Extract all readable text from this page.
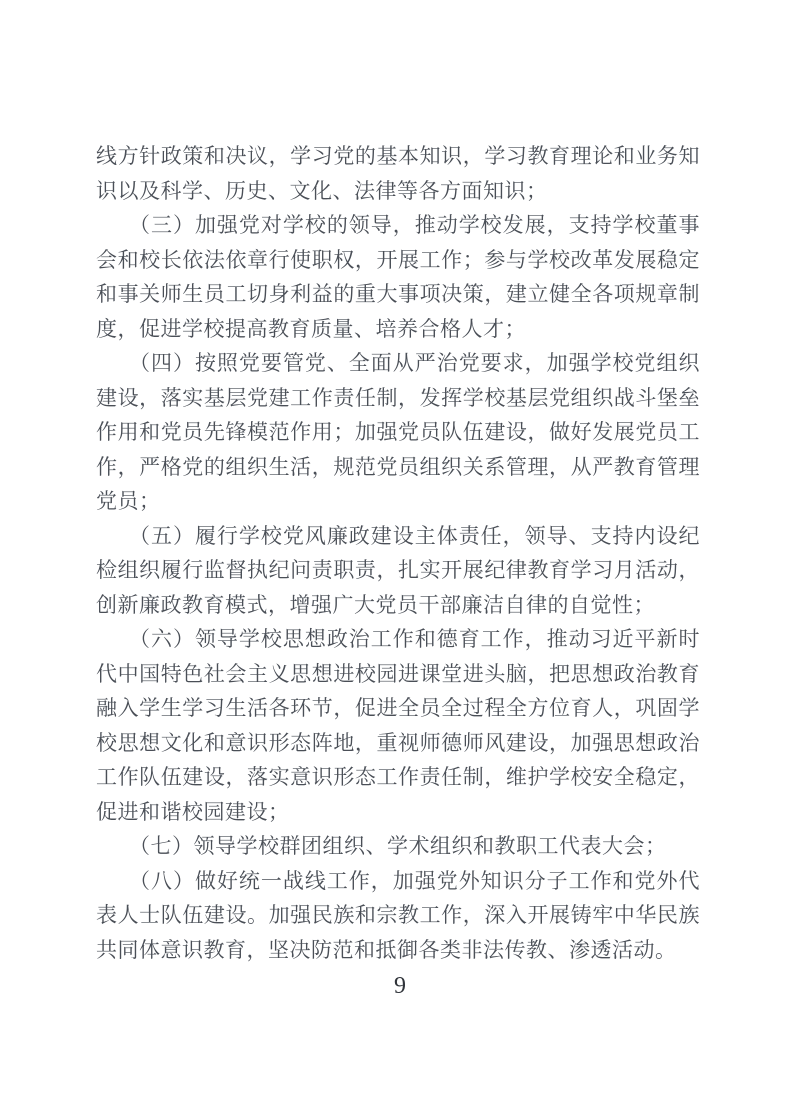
线方针政策和决议，学习党的基本知识，学习教育理论和业务知
识以及科学、历史、文化、法律等各方面知识；
（三）加强党对学校的领导，推动学校发展，支持学校董事
会和校长依法依章行使职权，开展工作；参与学校改革发展稳定
和事关师生员工切身利益的重大事项决策，建立健全各项规章制
度，促进学校提高教育质量、培养合格人才；
（四）按照党要管党、全面从严治党要求，加强学校党组织
建设，落实基层党建工作责任制，发挥学校基层党组织战斗堡垒
作用和党员先锋模范作用；加强党员队伍建设，做好发展党员工
作，严格党的组织生活，规范党员组织关系管理，从严教育管理
党员；
（五）履行学校党风廉政建设主体责任，领导、支持内设纪
检组织履行监督执纪问责职责，扎实开展纪律教育学习月活动，
创新廉政教育模式，增强广大党员干部廉洁自律的自觉性；
（六）领导学校思想政治工作和德育工作，推动习近平新时
代中国特色社会主义思想进校园进课堂进头脑，把思想政治教育
融入学生学习生活各环节，促进全员全过程全方位育人，巩固学
校思想文化和意识形态阵地，重视师德师风建设，加强思想政治
工作队伍建设，落实意识形态工作责任制，维护学校安全稳定，
促进和谐校园建设；
（七）领导学校群团组织、学术组织和教职工代表大会；
（八）做好统一战线工作，加强党外知识分子工作和党外代
表人士队伍建设。加强民族和宗教工作，深入开展铸牢中华民族
共同体意识教育，坚决防范和抵御各类非法传教、渗透活动。
9
